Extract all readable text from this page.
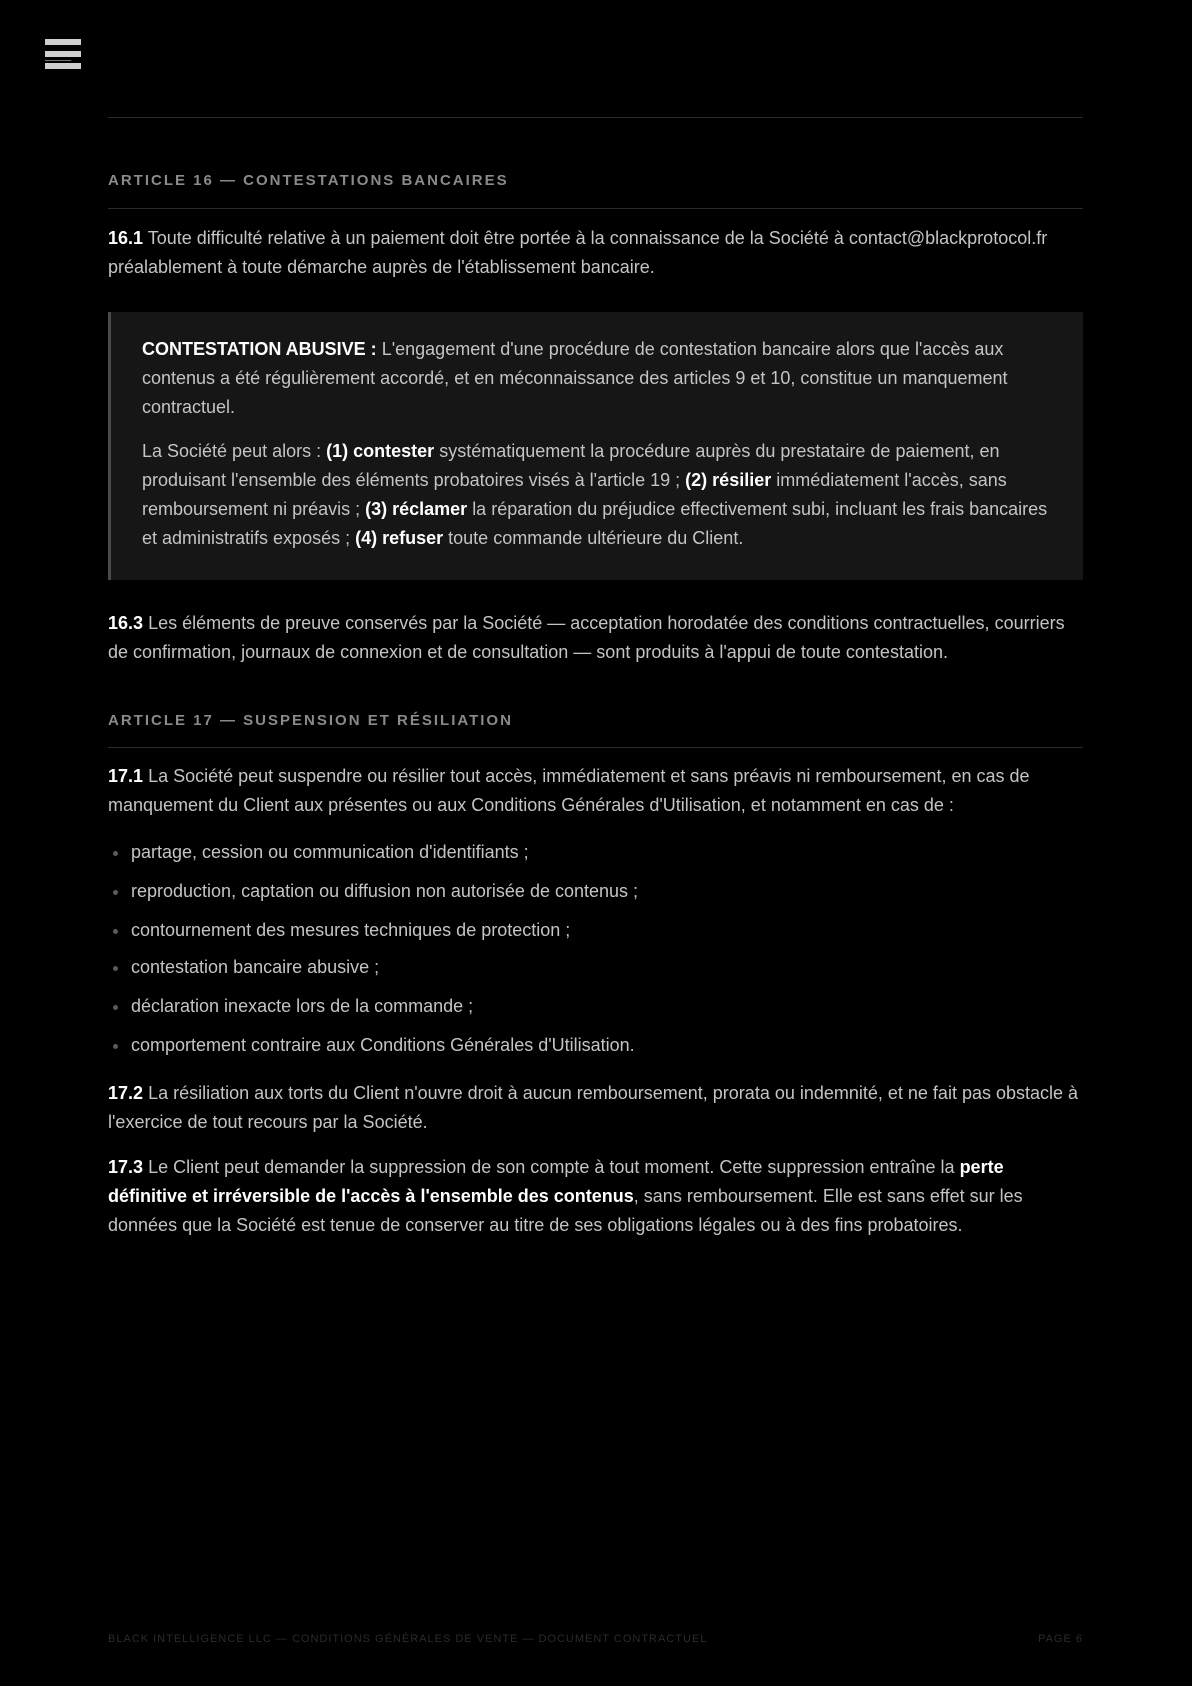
ARTICLE 16 — CONTESTATIONS BANCAIRES

16.1 Toute difficulté relative à un paiement doit être portée à la connaissance de la Société à contact@blackprotocol.fr préalablement à toute démarche auprès de l'établissement bancaire.

CONTESTATION ABUSIVE : L'engagement d'une procédure de contestation bancaire alors que l'accès aux contenus a été régulièrement accordé, et en méconnaissance des articles 9 et 10, constitue un manquement contractuel.

La Société peut alors : (1) contester systématiquement la procédure auprès du prestataire de paiement, en produisant l'ensemble des éléments probatoires visés à l'article 19 ; (2) résilier immédiatement l'accès, sans remboursement ni préavis ; (3) réclamer la réparation du préjudice effectivement subi, incluant les frais bancaires et administratifs exposés ; (4) refuser toute commande ultérieure du Client.

16.3 Les éléments de preuve conservés par la Société — acceptation horodatée des conditions contractuelles, courriers de confirmation, journaux de connexion et de consultation — sont produits à l'appui de toute contestation.

ARTICLE 17 — SUSPENSION ET RÉSILIATION

17.1 La Société peut suspendre ou résilier tout accès, immédiatement et sans préavis ni remboursement, en cas de manquement du Client aux présentes ou aux Conditions Générales d'Utilisation, et notamment en cas de :

partage, cession ou communication d'identifiants ;
reproduction, captation ou diffusion non autorisée de contenus ;
contournement des mesures techniques de protection ;
contestation bancaire abusive ;
déclaration inexacte lors de la commande ;
comportement contraire aux Conditions Générales d'Utilisation.

17.2 La résiliation aux torts du Client n'ouvre droit à aucun remboursement, prorata ou indemnité, et ne fait pas obstacle à l'exercice de tout recours par la Société.

17.3 Le Client peut demander la suppression de son compte à tout moment. Cette suppression entraîne la perte définitive et irréversible de l'accès à l'ensemble des contenus, sans remboursement. Elle est sans effet sur les données que la Société est tenue de conserver au titre de ses obligations légales ou à des fins probatoires.

BLACK INTELLIGENCE LLC — CONDITIONS GÉNÉRALES DE VENTE — DOCUMENT CONTRACTUEL	PAGE 6
